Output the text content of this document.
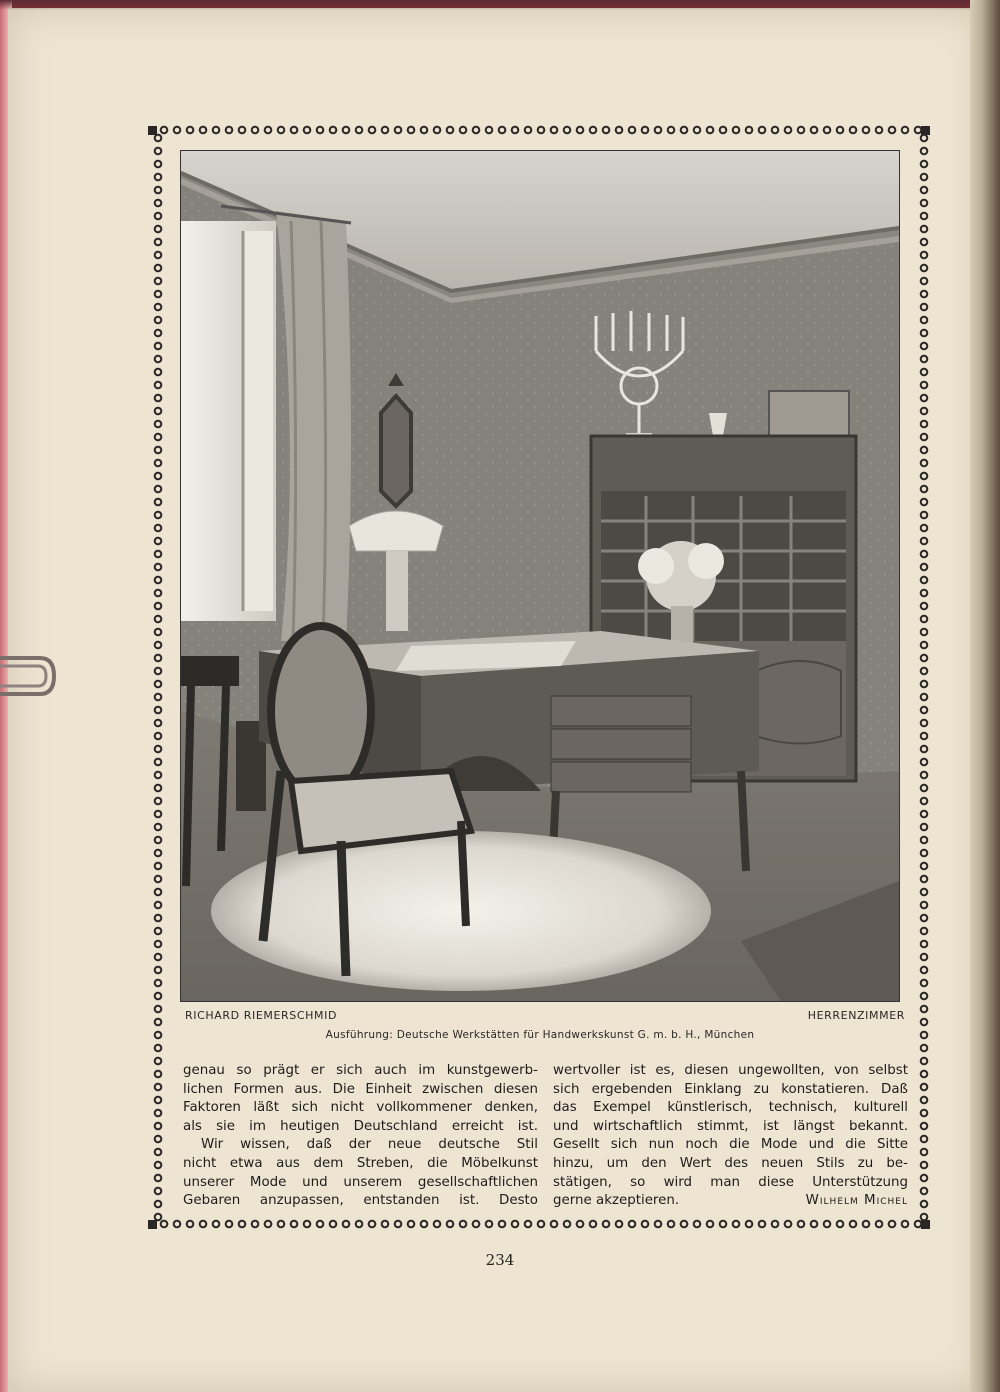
RICHARD RIEMERSCHMID	HERRENZIMMER
Ausführung: Deutsche Werkstätten für Handwerkskunst G. m. b. H., München
genau so prägt er sich auch im kunstgewerb-
lichen Formen aus. Die Einheit zwischen diesen
Faktoren läßt sich nicht vollkommener denken,
als sie im heutigen Deutschland erreicht ist.
Wir wissen, daß der neue deutsche Stil
nicht etwa aus dem Streben, die Möbelkunst
unserer Mode und unserem gesellschaftlichen
Gebaren anzupassen, entstanden ist. Desto
wertvoller ist es, diesen ungewollten, von selbst
sich ergebenden Einklang zu konstatieren. Daß
das Exempel künstlerisch, technisch, kulturell
und wirtschaftlich stimmt, ist längst bekannt.
Gesellt sich nun noch die Mode und die Sitte
hinzu, um den Wert des neuen Stils zu be-
stätigen, so wird man diese Unterstützung
gerne akzeptieren.	Wilhelm Michel
234
